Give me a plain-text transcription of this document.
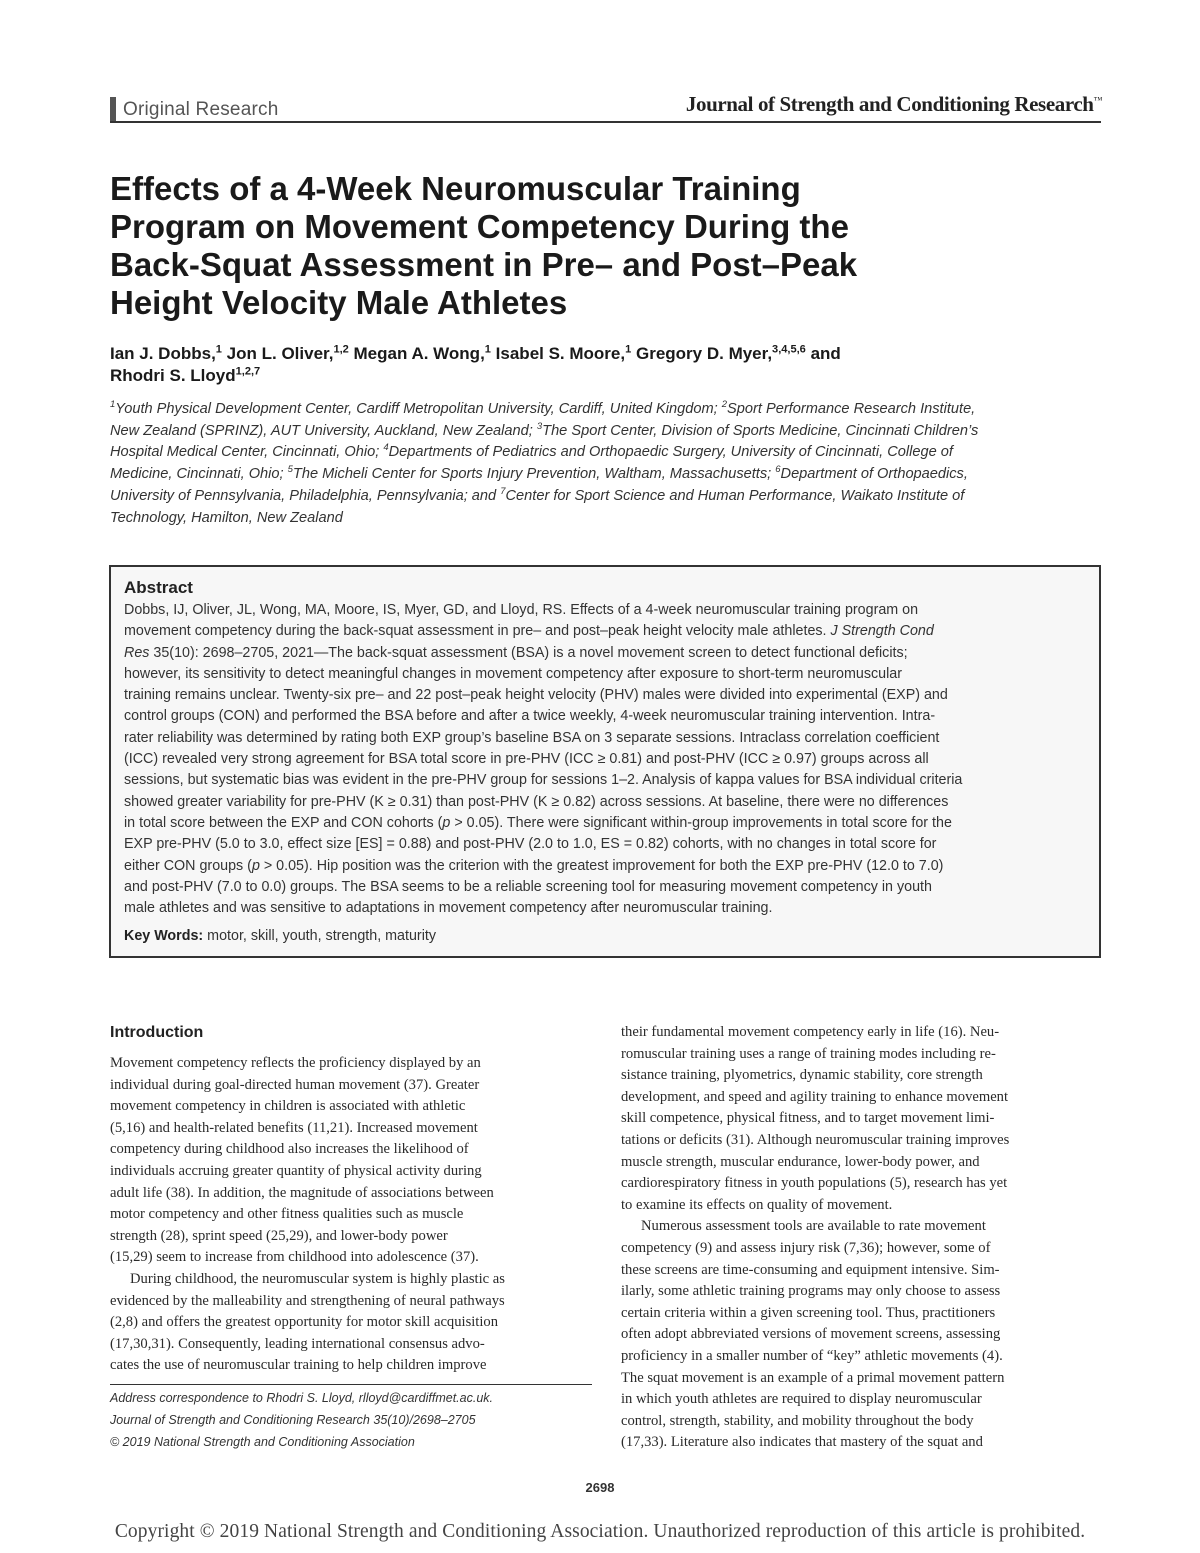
Original Research	Journal of Strength and Conditioning Research™
Effects of a 4-Week Neuromuscular Training
Program on Movement Competency During the
Back-Squat Assessment in Pre– and Post–Peak
Height Velocity Male Athletes
Ian J. Dobbs,$^1$ Jon L. Oliver,$^{1,2}$ Megan A. Wong,$^1$ Isabel S. Moore,$^1$ Gregory D. Myer,$^{3,4,5,6}$ and
Rhodri S. Lloyd$^{1,2,7}$
$^1$Youth Physical Development Center, Cardiff Metropolitan University, Cardiff, United Kingdom; $^2$Sport Performance Research Institute,
New Zealand (SPRINZ), AUT University, Auckland, New Zealand; $^3$The Sport Center, Division of Sports Medicine, Cincinnati Children’s
Hospital Medical Center, Cincinnati, Ohio; $^4$Departments of Pediatrics and Orthopaedic Surgery, University of Cincinnati, College of
Medicine, Cincinnati, Ohio; $^5$The Micheli Center for Sports Injury Prevention, Waltham, Massachusetts; $^6$Department of Orthopaedics,
University of Pennsylvania, Philadelphia, Pennsylvania; and $^7$Center for Sport Science and Human Performance, Waikato Institute of
Technology, Hamilton, New Zealand
Abstract
Dobbs, IJ, Oliver, JL, Wong, MA, Moore, IS, Myer, GD, and Lloyd, RS. Effects of a 4-week neuromuscular training program on
movement competency during the back-squat assessment in pre– and post–peak height velocity male athletes. J Strength Cond
Res 35(10): 2698–2705, 2021—The back-squat assessment (BSA) is a novel movement screen to detect functional deficits;
however, its sensitivity to detect meaningful changes in movement competency after exposure to short-term neuromuscular
training remains unclear. Twenty-six pre– and 22 post–peak height velocity (PHV) males were divided into experimental (EXP) and
control groups (CON) and performed the BSA before and after a twice weekly, 4-week neuromuscular training intervention. Intra-
rater reliability was determined by rating both EXP group’s baseline BSA on 3 separate sessions. Intraclass correlation coefficient
(ICC) revealed very strong agreement for BSA total score in pre-PHV (ICC ≥ 0.81) and post-PHV (ICC ≥ 0.97) groups across all
sessions, but systematic bias was evident in the pre-PHV group for sessions 1–2. Analysis of kappa values for BSA individual criteria
showed greater variability for pre-PHV (K ≥ 0.31) than post-PHV (K ≥ 0.82) across sessions. At baseline, there were no differences
in total score between the EXP and CON cohorts (p > 0.05). There were significant within-group improvements in total score for the
EXP pre-PHV (5.0 to 3.0, effect size [ES] = 0.88) and post-PHV (2.0 to 1.0, ES = 0.82) cohorts, with no changes in total score for
either CON groups (p > 0.05). Hip position was the criterion with the greatest improvement for both the EXP pre-PHV (12.0 to 7.0)
and post-PHV (7.0 to 0.0) groups. The BSA seems to be a reliable screening tool for measuring movement competency in youth
male athletes and was sensitive to adaptations in movement competency after neuromuscular training.
Key Words: motor, skill, youth, strength, maturity
Introduction
Movement competency reflects the proficiency displayed by an
individual during goal-directed human movement (37). Greater
movement competency in children is associated with athletic
(5,16) and health-related benefits (11,21). Increased movement
competency during childhood also increases the likelihood of
individuals accruing greater quantity of physical activity during
adult life (38). In addition, the magnitude of associations between
motor competency and other fitness qualities such as muscle
strength (28), sprint speed (25,29), and lower-body power
(15,29) seem to increase from childhood into adolescence (37).
During childhood, the neuromuscular system is highly plastic as
evidenced by the malleability and strengthening of neural pathways
(2,8) and offers the greatest opportunity for motor skill acquisition
(17,30,31). Consequently, leading international consensus advo-
cates the use of neuromuscular training to help children improve
their fundamental movement competency early in life (16). Neu-
romuscular training uses a range of training modes including re-
sistance training, plyometrics, dynamic stability, core strength
development, and speed and agility training to enhance movement
skill competence, physical fitness, and to target movement limi-
tations or deficits (31). Although neuromuscular training improves
muscle strength, muscular endurance, lower-body power, and
cardiorespiratory fitness in youth populations (5), research has yet
to examine its effects on quality of movement.
Numerous assessment tools are available to rate movement
competency (9) and assess injury risk (7,36); however, some of
these screens are time-consuming and equipment intensive. Sim-
ilarly, some athletic training programs may only choose to assess
certain criteria within a given screening tool. Thus, practitioners
often adopt abbreviated versions of movement screens, assessing
proficiency in a smaller number of “key” athletic movements (4).
The squat movement is an example of a primal movement pattern
in which youth athletes are required to display neuromuscular
control, strength, stability, and mobility throughout the body
(17,33). Literature also indicates that mastery of the squat and
Address correspondence to Rhodri S. Lloyd, rlloyd@cardiffmet.ac.uk.
Journal of Strength and Conditioning Research 35(10)/2698–2705
© 2019 National Strength and Conditioning Association
2698
Copyright © 2019 National Strength and Conditioning Association. Unauthorized reproduction of this article is prohibited.
